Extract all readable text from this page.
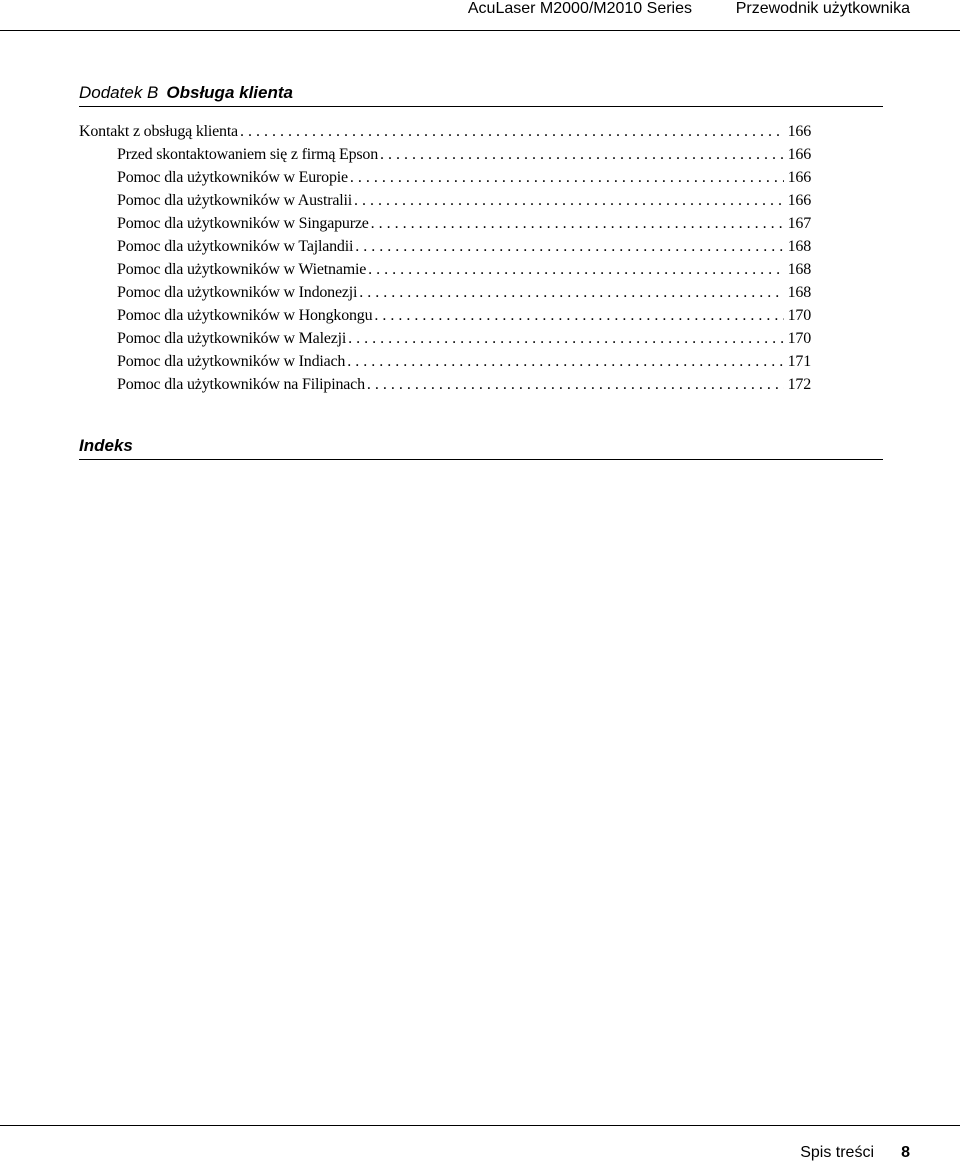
AcuLaser M2000/M2010 Series	Przewodnik użytkownika
Dodatek B Obsługa klienta
Kontakt z obsługą klienta . . .	166
Przed skontaktowaniem się z firmą Epson . . .	166
Pomoc dla użytkowników w Europie . . .	166
Pomoc dla użytkowników w Australii . . .	166
Pomoc dla użytkowników w Singapurze . . .	167
Pomoc dla użytkowników w Tajlandii . . .	168
Pomoc dla użytkowników w Wietnamie . . .	168
Pomoc dla użytkowników w Indonezji . . .	168
Pomoc dla użytkowników w Hongkongu . . .	170
Pomoc dla użytkowników w Malezji . . .	170
Pomoc dla użytkowników w Indiach . . .	171
Pomoc dla użytkowników na Filipinach . . .	172
Indeks
Spis treści 8
